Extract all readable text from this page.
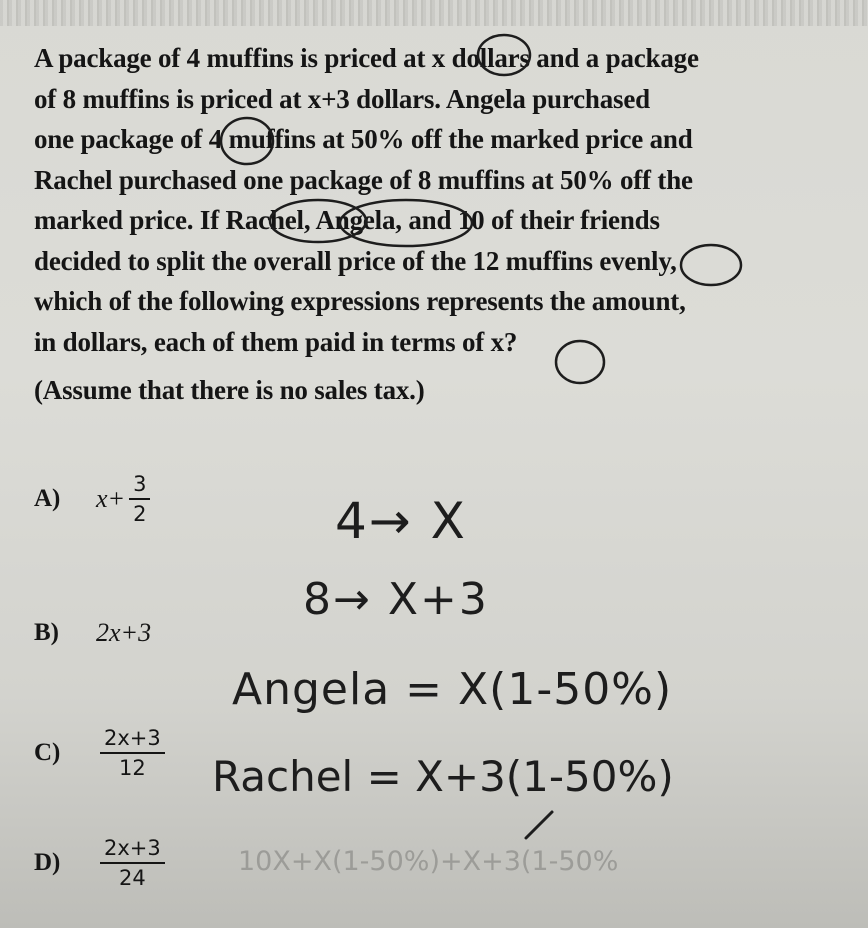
A package of 4 muffins is priced at x dollars and a package

of 8 muffins is priced at x+3 dollars. Angela purchased

one package of 4 muffins at 50% off the marked price and

Rachel purchased one package of 8 muffins at 50% off the

marked price. If Rachel, Angela, and 10 of their friends

decided to split the overall price of the 12 muffins evenly,

which of the following expressions represents the amount,

in dollars, each of them paid in terms of x?

(Assume that there is no sales tax.)

A)	$x+ \frac{3}{2}$
B)	2x+3
C)	$\frac{2x+3}{12}$
D)	$\frac{2x+3}{24}$
4→ X
8→ X+3
Angela = X(1-50%)
Rachel = X+3(1-50%)
10X+X(1-50%)+X+3(1-50%
